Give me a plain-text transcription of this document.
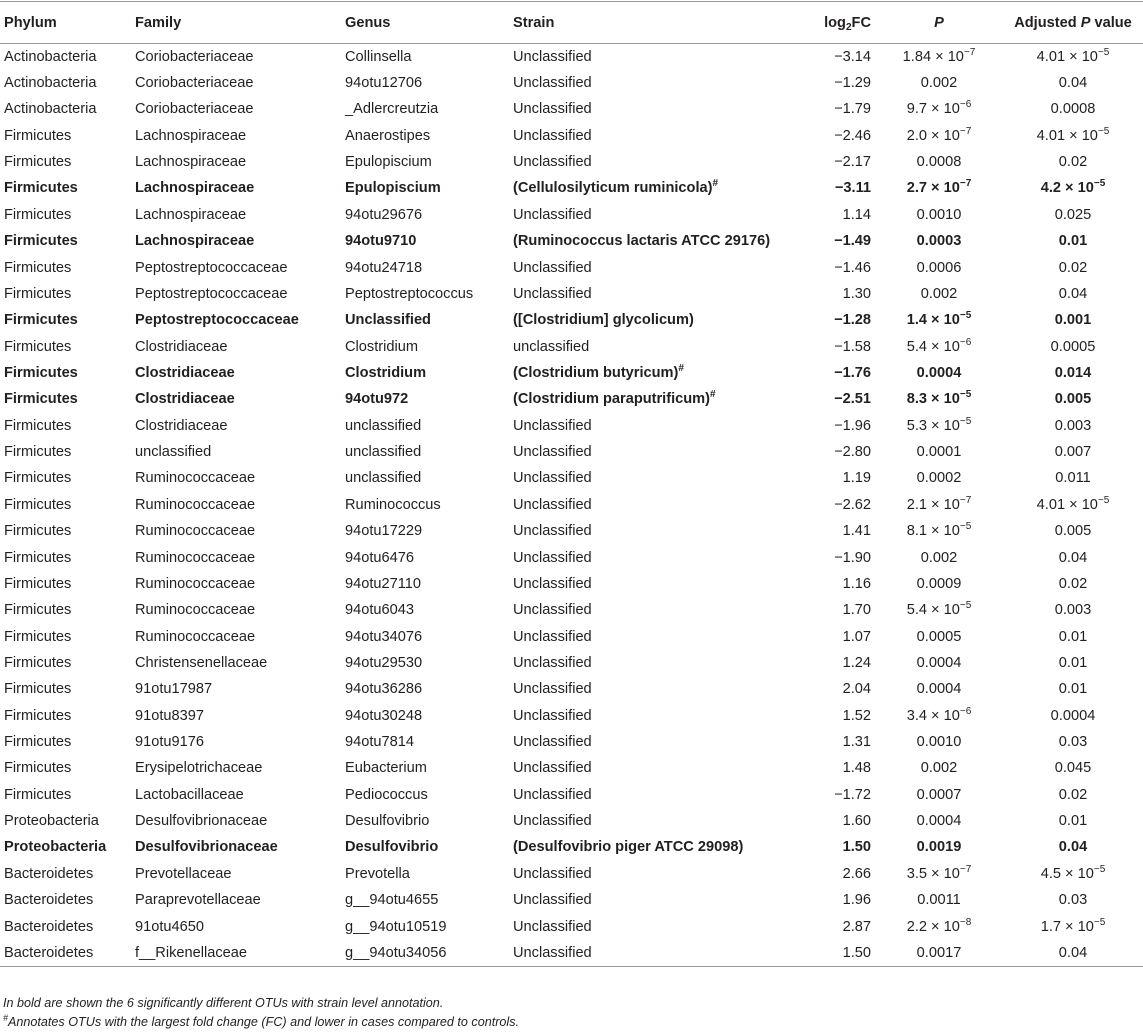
Phylum	Family	Genus	Strain	$\log_2FC$	P	Adjusted P value
Actinobacteria	Coriobacteriaceae	Collinsella	Unclassified	−3.14	$1.84 \times 10^{-7}$	$4.01 \times 10^{-5}$
Actinobacteria	Coriobacteriaceae	94otu12706	Unclassified	−1.29	0.002	0.04
Actinobacteria	Coriobacteriaceae	_Adlercreutzia	Unclassified	−1.79	$9.7 \times 10^{-6}$	0.0008
Firmicutes	Lachnospiraceae	Anaerostipes	Unclassified	−2.46	$2.0 \times 10^{-7}$	$4.01 \times 10^{-5}$
Firmicutes	Lachnospiraceae	Epulopiscium	Unclassified	−2.17	0.0008	0.02
Firmicutes	Lachnospiraceae	Epulopiscium	(Cellulosilyticum ruminicola)#	−3.11	$2.7 \times 10^{-7}$	$4.2 \times 10^{-5}$
Firmicutes	Lachnospiraceae	94otu29676	Unclassified	1.14	0.0010	0.025
Firmicutes	Lachnospiraceae	94otu9710	(Ruminococcus lactaris ATCC 29176)	−1.49	0.0003	0.01
Firmicutes	Peptostreptococcaceae	94otu24718	Unclassified	−1.46	0.0006	0.02
Firmicutes	Peptostreptococcaceae	Peptostreptococcus	Unclassified	1.30	0.002	0.04
Firmicutes	Peptostreptococcaceae	Unclassified	([Clostridium] glycolicum)	−1.28	$1.4 \times 10^{-5}$	0.001
Firmicutes	Clostridiaceae	Clostridium	unclassified	−1.58	$5.4 \times 10^{-6}$	0.0005
Firmicutes	Clostridiaceae	Clostridium	(Clostridium butyricum)#	−1.76	0.0004	0.014
Firmicutes	Clostridiaceae	94otu972	(Clostridium paraputrificum)#	−2.51	$8.3 \times 10^{-5}$	0.005
Firmicutes	Clostridiaceae	unclassified	Unclassified	−1.96	$5.3 \times 10^{-5}$	0.003
Firmicutes	unclassified	unclassified	Unclassified	−2.80	0.0001	0.007
Firmicutes	Ruminococcaceae	unclassified	Unclassified	1.19	0.0002	0.011
Firmicutes	Ruminococcaceae	Ruminococcus	Unclassified	−2.62	$2.1 \times 10^{-7}$	$4.01 \times 10^{-5}$
Firmicutes	Ruminococcaceae	94otu17229	Unclassified	1.41	$8.1 \times 10^{-5}$	0.005
Firmicutes	Ruminococcaceae	94otu6476	Unclassified	−1.90	0.002	0.04
Firmicutes	Ruminococcaceae	94otu27110	Unclassified	1.16	0.0009	0.02
Firmicutes	Ruminococcaceae	94otu6043	Unclassified	1.70	$5.4 \times 10^{-5}$	0.003
Firmicutes	Ruminococcaceae	94otu34076	Unclassified	1.07	0.0005	0.01
Firmicutes	Christensenellaceae	94otu29530	Unclassified	1.24	0.0004	0.01
Firmicutes	91otu17987	94otu36286	Unclassified	2.04	0.0004	0.01
Firmicutes	91otu8397	94otu30248	Unclassified	1.52	$3.4 \times 10^{-6}$	0.0004
Firmicutes	91otu9176	94otu7814	Unclassified	1.31	0.0010	0.03
Firmicutes	Erysipelotrichaceae	Eubacterium	Unclassified	1.48	0.002	0.045
Firmicutes	Lactobacillaceae	Pediococcus	Unclassified	−1.72	0.0007	0.02
Proteobacteria	Desulfovibrionaceae	Desulfovibrio	Unclassified	1.60	0.0004	0.01
Proteobacteria	Desulfovibrionaceae	Desulfovibrio	(Desulfovibrio piger ATCC 29098)	1.50	0.0019	0.04
Bacteroidetes	Prevotellaceae	Prevotella	Unclassified	2.66	$3.5 \times 10^{-7}$	$4.5 \times 10^{-5}$
Bacteroidetes	Paraprevotellaceae	g__94otu4655	Unclassified	1.96	0.0011	0.03
Bacteroidetes	91otu4650	g__94otu10519	Unclassified	2.87	$2.2 \times 10^{-8}$	$1.7 \times 10^{-5}$
Bacteroidetes	f__Rikenellaceae	g__94otu34056	Unclassified	1.50	0.0017	0.04
In bold are shown the 6 significantly different OTUs with strain level annotation.
#Annotates OTUs with the largest fold change (FC) and lower in cases compared to controls.
